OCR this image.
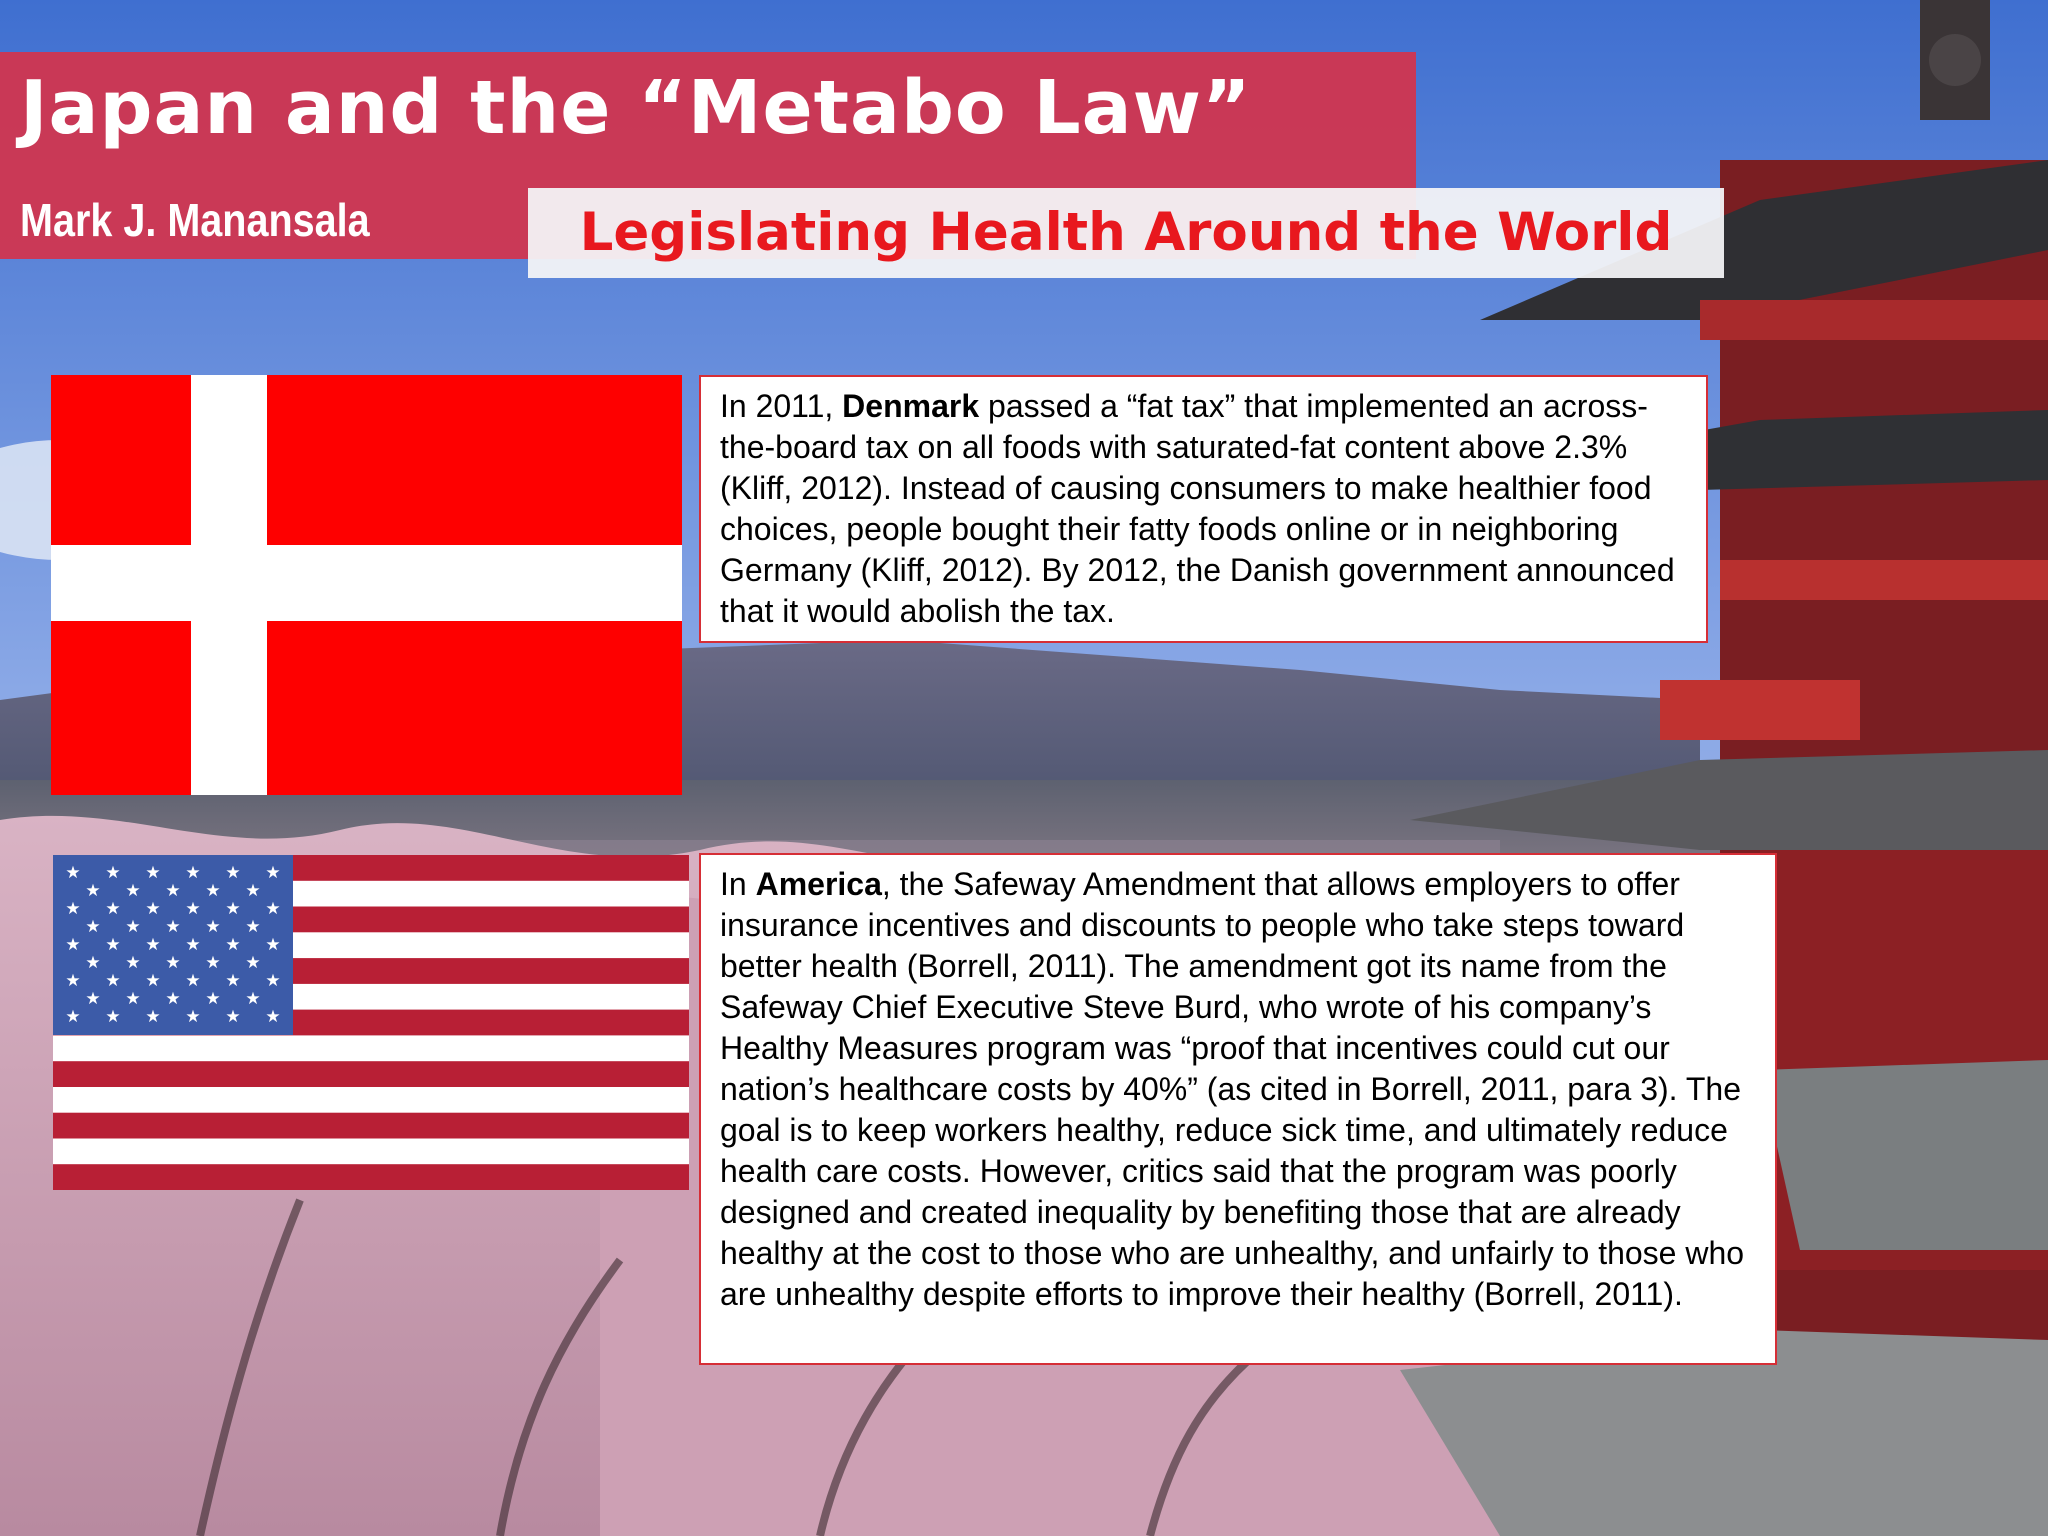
Japan and the “Metabo Law”
Mark J. Manansala	Legislating Health Around the World
In 2011, Denmark passed a “fat tax” that implemented an across-the-board tax on all foods with saturated-fat content above 2.3% (Kliff, 2012). Instead of causing consumers to make healthier food choices, people bought their fatty foods online or in neighboring Germany (Kliff, 2012). By 2012, the Danish government announced that it would abolish the tax.
★ ★ ★ ★ ★ ★
★ ★ ★ ★ ★
★ ★ ★ ★ ★ ★
★ ★ ★ ★ ★
★ ★ ★ ★ ★ ★
★ ★ ★ ★ ★
★ ★ ★ ★ ★ ★
★ ★ ★ ★ ★
★ ★ ★ ★ ★ ★
In America, the Safeway Amendment that allows employers to offer insurance incentives and discounts to people who take steps toward better health (Borrell, 2011). The amendment got its name from the Safeway Chief Executive Steve Burd, who wrote of his company’s Healthy Measures program was “proof that incentives could cut our nation’s healthcare costs by 40%” (as cited in Borrell, 2011, para 3). The goal is to keep workers healthy, reduce sick time, and ultimately reduce health care costs. However, critics said that the program was poorly designed and created inequality by benefiting those that are already healthy at the cost to those who are unhealthy, and unfairly to those who are unhealthy despite efforts to improve their healthy (Borrell, 2011).
